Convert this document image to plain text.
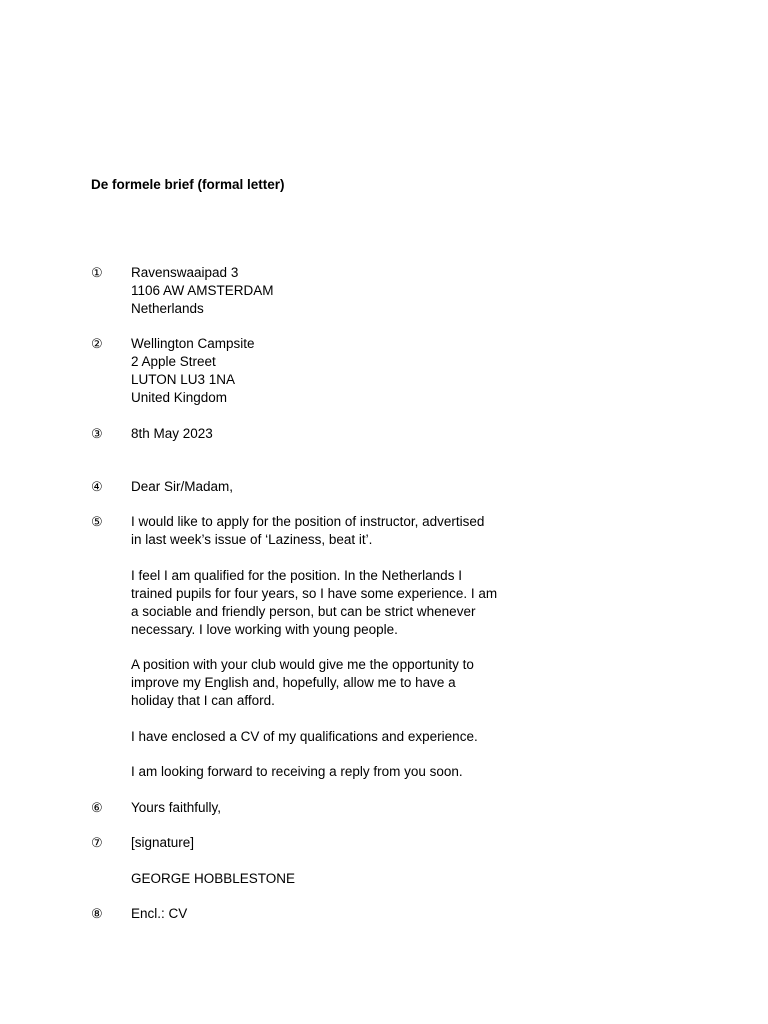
De formele brief (formal letter)
①	Ravenswaaipad 3
1106 AW AMSTERDAM
Netherlands
②	Wellington Campsite
2 Apple Street
LUTON LU3 1NA
United Kingdom
③	8th May 2023
④	Dear Sir/Madam,
⑤	I would like to apply for the position of instructor, advertised
in last week’s issue of ‘Laziness, beat it’.
I feel I am qualified for the position. In the Netherlands I
trained pupils for four years, so I have some experience. I am
a sociable and friendly person, but can be strict whenever
necessary. I love working with young people.
A position with your club would give me the opportunity to
improve my English and, hopefully, allow me to have a
holiday that I can afford.
I have enclosed a CV of my qualifications and experience.
I am looking forward to receiving a reply from you soon.
⑥	Yours faithfully,
⑦	[signature]
GEORGE HOBBLESTONE
⑧	Encl.: CV
